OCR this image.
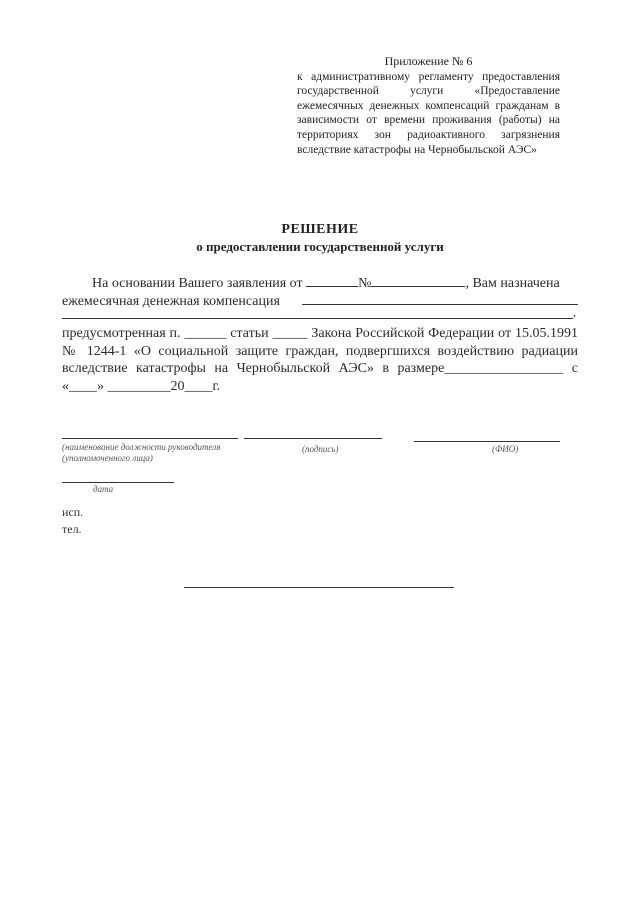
Приложение № 6
к административному регламенту предоставления государственной услуги «Предоставление ежемесячных денежных компенсаций гражданам в зависимости от времени проживания (работы) на территориях зон радиоактивного загрязнения вследствие катастрофы на Чернобыльской АЭС»
РЕШЕНИЕ
о предоставлении государственной услуги
На основании Вашего заявления от	№	, Вам назначена
ежемесячная денежная компенсация
,
предусмотренная п. ______ статьи _____ Закона Российской Федерации от 15.05.1991 № 1244-1 «О социальной защите граждан, подвергшихся воздействию радиации вследствие катастрофы на Чернобыльской АЭС» в размере_________________ с «____» _________20____г.
(наименование должности руководителя (уполномоченного лица)
(подпись)	(ФИО)
дата
исп.
тел.
